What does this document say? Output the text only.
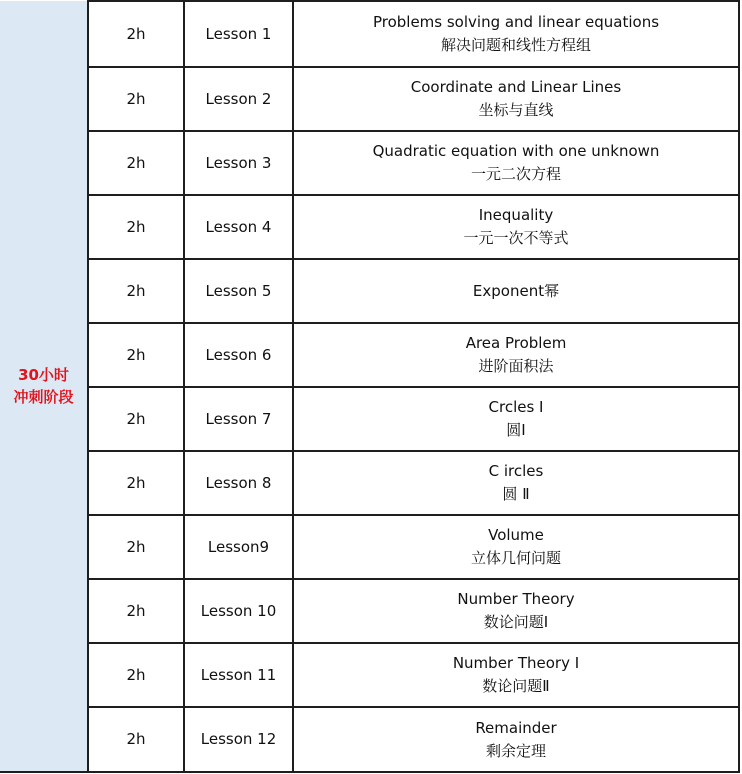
30小时
冲刺阶段	2h	Lesson 1	Problems solving and linear equations
解决问题和线性方程组

	2h	Lesson 2	Coordinate and Linear Lines
坐标与直线

	2h	Lesson 3	Quadratic equation with one unknown
一元二次方程

	2h	Lesson 4	Inequality
一元一次不等式

	2h	Lesson 5	Exponent幂

	2h	Lesson 6	Area Problem
进阶面积法

	2h	Lesson 7	Crcles I
圆I

	2h	Lesson 8	C ircles
圆 Ⅱ

	2h	Lesson9	Volume
立体几何问题

	2h	Lesson 10	Number Theory
数论问题I

	2h	Lesson 11	Number Theory I
数论问题Ⅱ

	2h	Lesson 12	Remainder
剩余定理
